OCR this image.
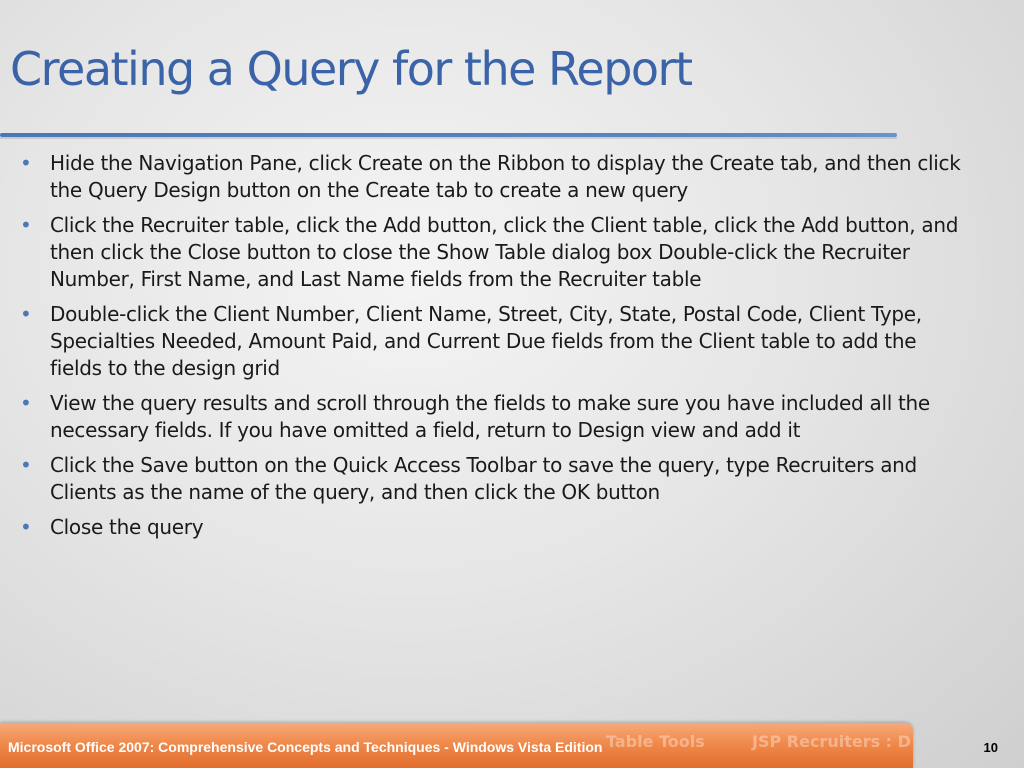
Creating a Query for the Report
• Hide the Navigation Pane, click Create on the Ribbon to display the Create tab, and then click the Query Design button on the Create tab to create a new query
• Click the Recruiter table, click the Add button, click the Client table, click the Add button, and then click the Close button to close the Show Table dialog box Double-click the Recruiter Number, First Name, and Last Name fields from the Recruiter table
• Double-click the Client Number, Client Name, Street, City, State, Postal Code, Client Type, Specialties Needed, Amount Paid, and Current Due fields from the Client table to add the fields to the design grid
• View the query results and scroll through the fields to make sure you have included all the necessary fields. If you have omitted a field, return to Design view and add it
• Click the Save button on the Quick Access Toolbar to save the query, type Recruiters and Clients as the name of the query, and then click the OK button
• Close the query
Table Tools	JSP Recruiters : D
Microsoft Office 2007: Comprehensive Concepts and Techniques - Windows Vista Edition	10
